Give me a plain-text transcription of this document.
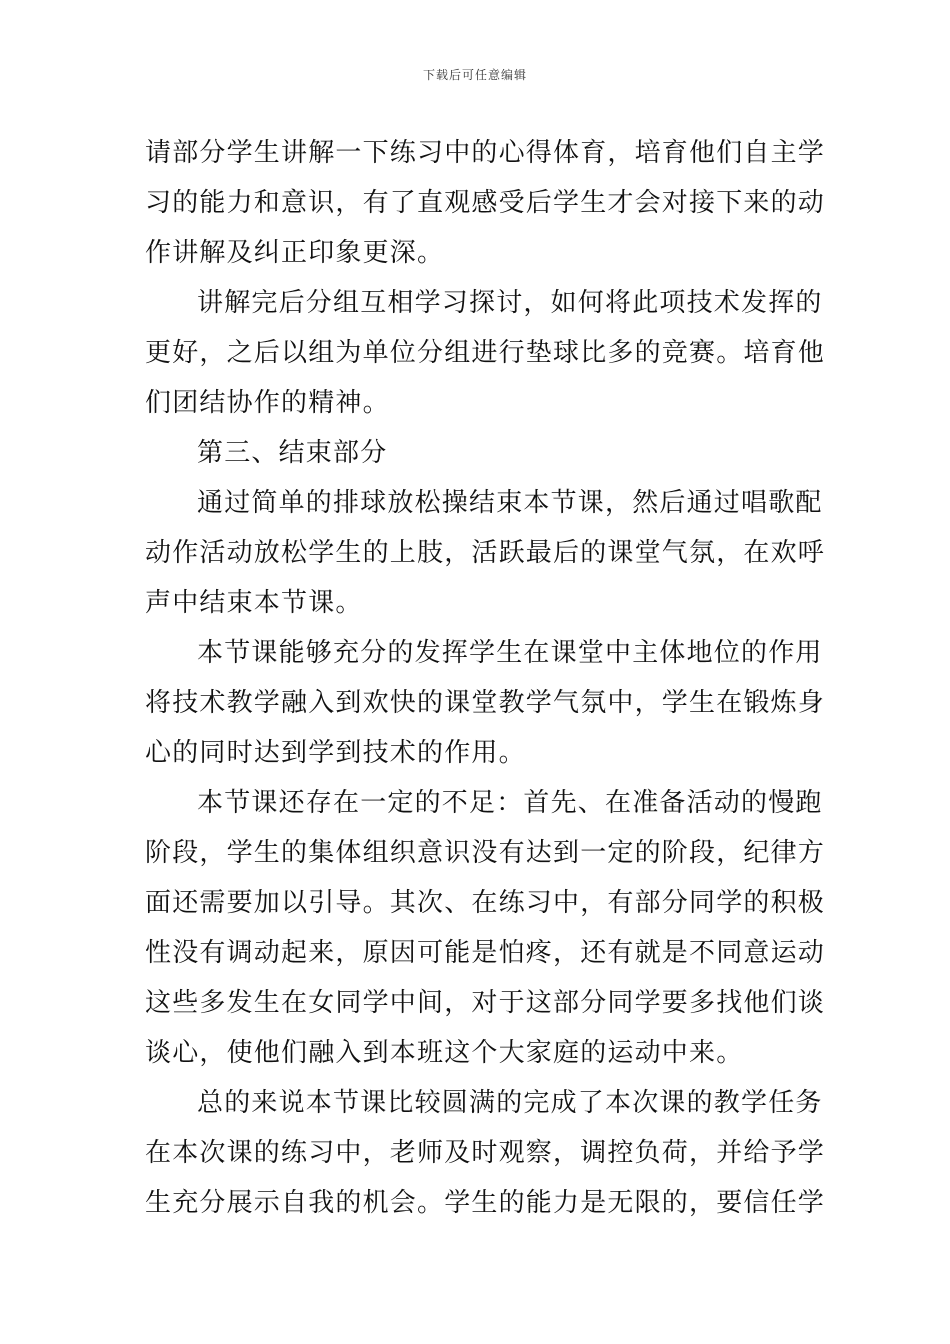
下载后可任意编辑
请部分学生讲解一下练习中的心得体育，培育他们自主学
习的能力和意识，有了直观感受后学生才会对接下来的动
作讲解及纠正印象更深。
讲解完后分组互相学习探讨，如何将此项技术发挥的
更好，之后以组为单位分组进行垫球比多的竞赛。培育他
们团结协作的精神。
第三、结束部分
通过简单的排球放松操结束本节课，然后通过唱歌配
动作活动放松学生的上肢，活跃最后的课堂气氛，在欢呼
声中结束本节课。
本节课能够充分的发挥学生在课堂中主体地位的作用
将技术教学融入到欢快的课堂教学气氛中，学生在锻炼身
心的同时达到学到技术的作用。
本节课还存在一定的不足：首先、在准备活动的慢跑
阶段，学生的集体组织意识没有达到一定的阶段，纪律方
面还需要加以引导。其次、在练习中，有部分同学的积极
性没有调动起来，原因可能是怕疼，还有就是不同意运动
这些多发生在女同学中间，对于这部分同学要多找他们谈
谈心，使他们融入到本班这个大家庭的运动中来。
总的来说本节课比较圆满的完成了本次课的教学任务
在本次课的练习中，老师及时观察，调控负荷，并给予学
生充分展示自我的机会。学生的能力是无限的，要信任学
